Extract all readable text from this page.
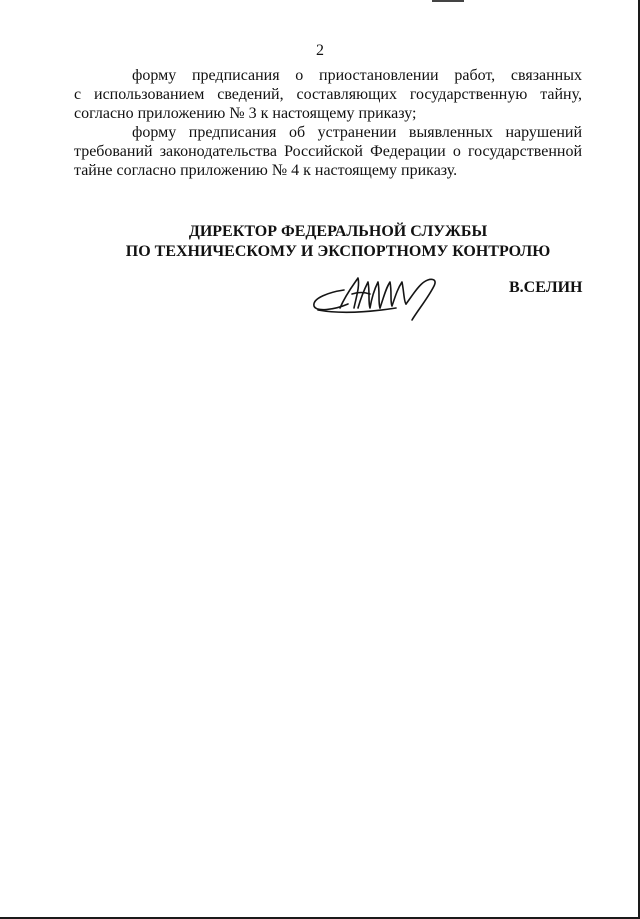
2

форму предписания о приостановлении работ, связанных
с использованием сведений, составляющих государственную тайну,
согласно приложению № 3 к настоящему приказу;

форму предписания об устранении выявленных нарушений
требований законодательства Российской Федерации о государственной
тайне согласно приложению № 4 к настоящему приказу.

ДИРЕКТОР ФЕДЕРАЛЬНОЙ СЛУЖБЫ
ПО ТЕХНИЧЕСКОМУ И ЭКСПОРТНОМУ КОНТРОЛЮ
В.СЕЛИН
